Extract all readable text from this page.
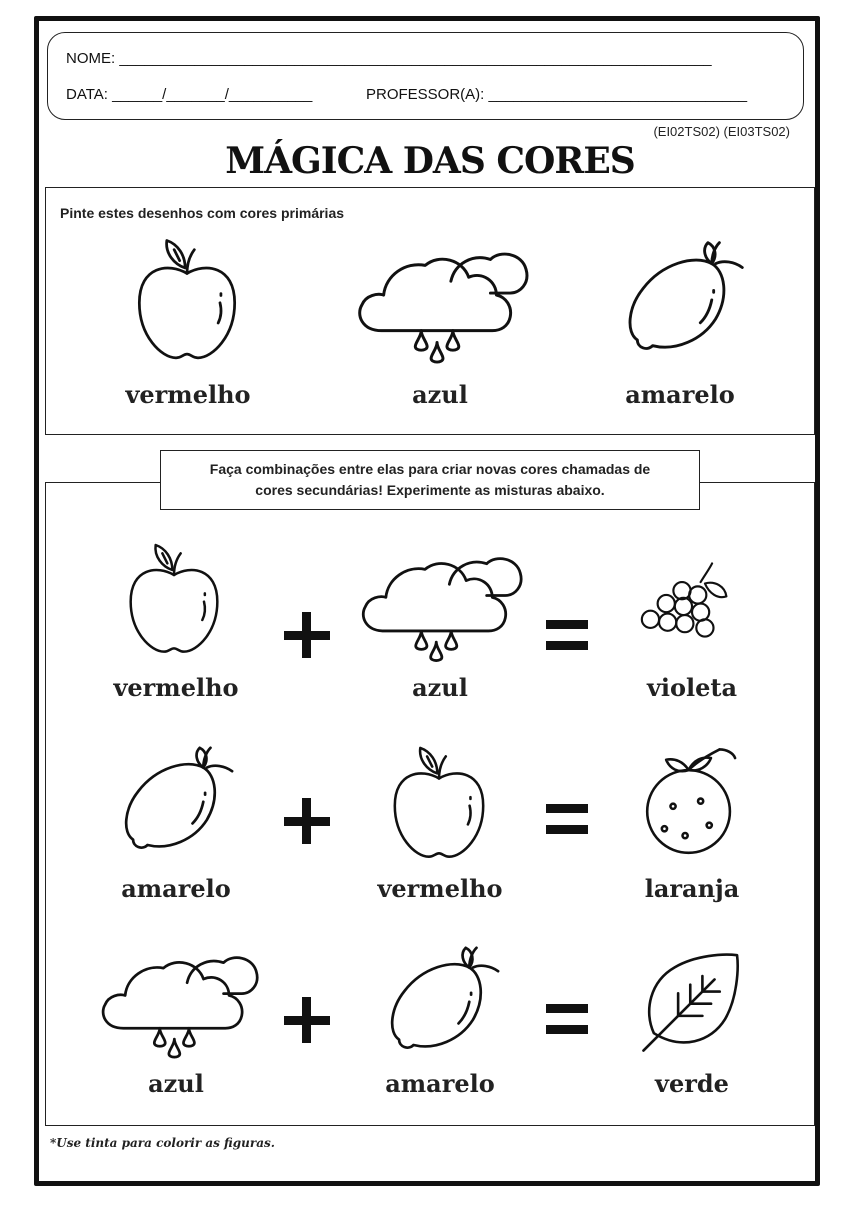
NOME: _______________________________________________________________________
DATA: ______/_______/__________	PROFESSOR(A): _______________________________
(EI02TS02) (EI03TS02)
MÁGICA DAS CORES
Pinte estes desenhos com cores primárias
vermelho	azul	amarelo
Faça combinações entre elas para criar novas cores chamadas de
cores secundárias! Experimente as misturas abaixo.
vermelho	azul	violeta
amarelo	vermelho	laranja
azul	amarelo	verde
*Use tinta para colorir as figuras.
